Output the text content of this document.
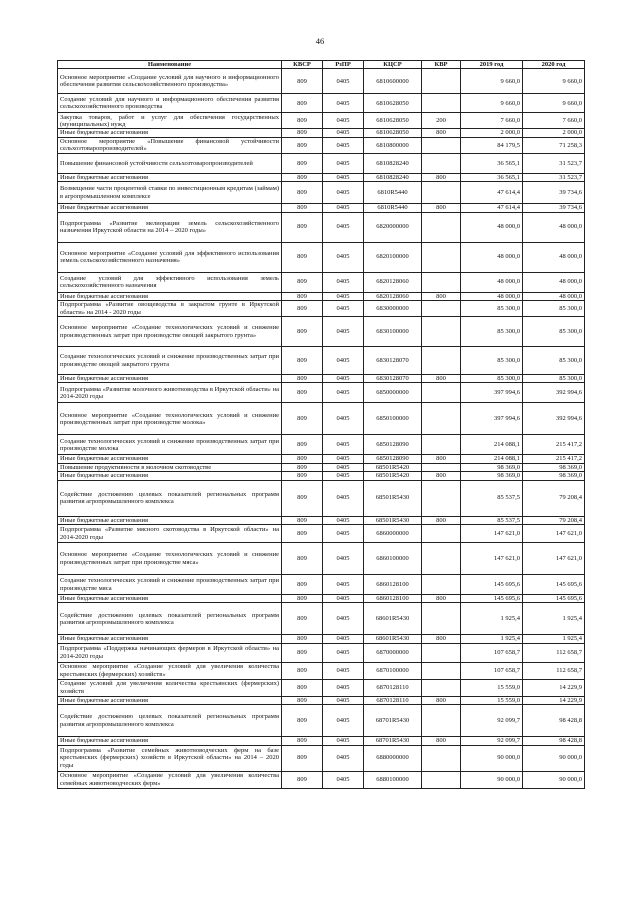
46
Наименование	КВСР	РзПР	КЦСР	КВР	2019 год	2020 год
Основное мероприятие «Создание условий для научного и информационного обеспечения развития сельскохозяйственного производства»	809	0405	6810600000		9 660,0	9 660,0
Создание условий для научного и информационного обеспечения развития сельскохозяйственного производства	809	0405	6810628050		9 660,0	9 660,0
Закупка товаров, работ и услуг для обеспечения государственных (муниципальных) нужд	809	0405	6810628050	200	7 660,0	7 660,0
Иные бюджетные ассигнования	809	0405	6810628050	800	2 000,0	2 000,0
Основное мероприятие «Повышение финансовой устойчивости сельхозтоваропроизводителей»	809	0405	6810800000		84 179,5	71 258,3
Повышение финансовой устойчивости сельхозтоваропроизводителей	809	0405	6810828240		36 565,1	31 523,7
Иные бюджетные ассигнования	809	0405	6810828240	800	36 565,1	31 523,7
Возмещение части процентной ставки по инвестиционным кредитам (займам) в агропромышленном комплексе	809	0405	6810R5440		47 614,4	39 734,6
Иные бюджетные ассигнования	809	0405	6810R5440	800	47 614,4	39 734,6
Подпрограмма «Развитие мелиорации земель сельскохозяйственного назначения Иркутской области на 2014 – 2020 годы»	809	0405	6820000000		48 000,0	48 000,0
Основное мероприятие «Создание условий для эффективного использования земель сельскохозяйственного назначения»	809	0405	6820100000		48 000,0	48 000,0
Создание условий для эффективного использования земель сельскохозяйственного назначения	809	0405	6820128060		48 000,0	48 000,0
Иные бюджетные ассигнования	809	0405	6820128060	800	48 000,0	48 000,0
Подпрограмма «Развитие овощеводства в закрытом грунте в Иркутской области» на 2014 - 2020 годы	809	0405	6830000000		85 300,0	85 300,0
Основное мероприятие «Создание технологических условий и снижение производственных затрат при производстве овощей закрытого грунта»	809	0405	6830100000		85 300,0	85 300,0
Создание технологических условий и снижение производственных затрат при производстве овощей закрытого грунта	809	0405	6830128070		85 300,0	85 300,0
Иные бюджетные ассигнования	809	0405	6830128070	800	85 300,0	85 300,0
Подпрограмма «Развитие молочного животноводства в Иркутской области» на 2014-2020 годы	809	0405	6850000000		397 994,6	392 994,6
Основное мероприятие «Создание технологических условий и снижение производственных затрат при производстве молока»	809	0405	6850100000		397 994,6	392 994,6
Создание технологических условий и снижение производственных затрат при производстве молока	809	0405	6850128090		214 088,1	215 417,2
Иные бюджетные ассигнования	809	0405	6850128090	800	214 088,1	215 417,2
Повышение продуктивности в молочном скотоводстве	809	0405	68501R5420		98 369,0	98 369,0
Иные бюджетные ассигнования	809	0405	68501R5420	800	98 369,0	98 369,0
Содействие достижению целевых показателей региональных программ развития агропромышленного комплекса	809	0405	68501R5430		85 537,5	79 208,4
Иные бюджетные ассигнования	809	0405	68501R5430	800	85 537,5	79 208,4
Подпрограмма «Развитие мясного скотоводства в Иркутской области» на 2014-2020 годы	809	0405	6860000000		147 621,0	147 621,0
Основное мероприятие «Создание технологических условий и снижение производственных затрат при производстве мяса»	809	0405	6860100000		147 621,0	147 621,0
Создание технологических условий и снижение производственных затрат при производстве мяса	809	0405	6860128100		145 695,6	145 695,6
Иные бюджетные ассигнования	809	0405	6860128100	800	145 695,6	145 695,6
Содействие достижению целевых показателей региональных программ развития агропромышленного комплекса	809	0405	68601R5430		1 925,4	1 925,4
Иные бюджетные ассигнования	809	0405	68601R5430	800	1 925,4	1 925,4
Подпрограмма «Поддержка начинающих фермеров в Иркутской области» на 2014-2020 годы	809	0405	6870000000		107 658,7	112 658,7
Основное мероприятие «Создание условий для увеличения количества крестьянских (фермерских) хозяйств»	809	0405	6870100000		107 658,7	112 658,7
Создание условий для увеличения количества крестьянских (фермерских) хозяйств	809	0405	6870128110		15 559,0	14 229,9
Иные бюджетные ассигнования	809	0405	6870128110	800	15 559,0	14 229,9
Содействие достижению целевых показателей региональных программ развития агропромышленного комплекса	809	0405	68701R5430		92 099,7	98 428,8
Иные бюджетные ассигнования	809	0405	68701R5430	800	92 099,7	98 428,8
Подпрограмма «Развитие семейных животноводческих ферм на базе крестьянских (фермерских) хозяйств в Иркутской области» на 2014 – 2020 годы	809	0405	6880000000		90 000,0	90 000,0
Основное мероприятие «Создание условий для увеличения количества семейных животноводческих ферм»	809	0405	6880100000		90 000,0	90 000,0
